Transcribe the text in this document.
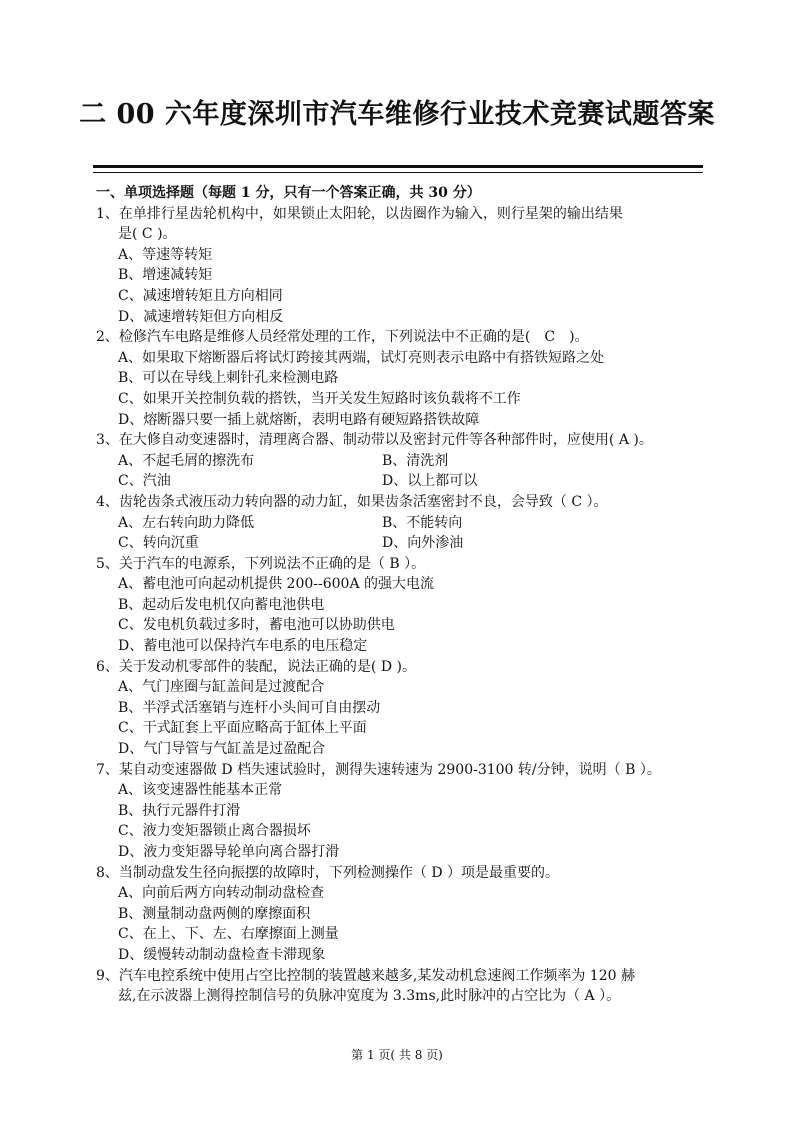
二 00 六年度深圳市汽车维修行业技术竞赛试题答案
一、单项选择题（每题 1 分，只有一个答案正确，共 30 分）
1、在单排行星齿轮机构中，如果锁止太阳轮，以齿圈作为输入，则行星架的输出结果
是( C )。
A、等速等转矩
B、增速减转矩
C、减速增转矩且方向相同
D、减速增转矩但方向相反
2、检修汽车电路是维修人员经常处理的工作，下列说法中不正确的是(　C　)。
A、如果取下熔断器后将试灯跨接其两端，试灯亮则表示电路中有搭铁短路之处
B、可以在导线上刺针孔来检测电路
C、如果开关控制负载的搭铁，当开关发生短路时该负载将不工作
D、熔断器只要一插上就熔断，表明电路有硬短路搭铁故障
3、在大修自动变速器时，清理离合器、制动带以及密封元件等各种部件时，应使用( A )。
A、不起毛屑的擦洗布	B、清洗剂
C、汽油	D、以上都可以
4、齿轮齿条式液压动力转向器的动力缸，如果齿条活塞密封不良，会导致（ C ）。
A、左右转向助力降低	B、不能转向
C、转向沉重	D、向外渗油
5、关于汽车的电源系，下列说法不正确的是（ B ）。
A、蓄电池可向起动机提供 200--600A 的强大电流
B、起动后发电机仅向蓄电池供电
C、发电机负载过多时，蓄电池可以协助供电
D、蓄电池可以保持汽车电系的电压稳定
6、关于发动机零部件的装配，说法正确的是( D )。
A、气门座圈与缸盖间是过渡配合
B、半浮式活塞销与连杆小头间可自由摆动
C、干式缸套上平面应略高于缸体上平面
D、气门导管与气缸盖是过盈配合
7、某自动变速器做 D 档失速试验时，测得失速转速为 2900-3100 转/分钟，说明（ B ）。
A、该变速器性能基本正常
B、执行元器件打滑
C、液力变矩器锁止离合器损坏
D、液力变矩器导轮单向离合器打滑
8、当制动盘发生径向振摆的故障时，下列检测操作（ D ）项是最重要的。
A、向前后两方向转动制动盘检查
B、测量制动盘两侧的摩擦面积
C、在上、下、左、右摩擦面上测量
D、缓慢转动制动盘检查卡滞现象
9、汽车电控系统中使用占空比控制的装置越来越多,某发动机怠速阀工作频率为 120 赫
兹,在示波器上测得控制信号的负脉冲宽度为 3.3ms,此时脉冲的占空比为（ A ）。
第 1 页( 共 8 页)
